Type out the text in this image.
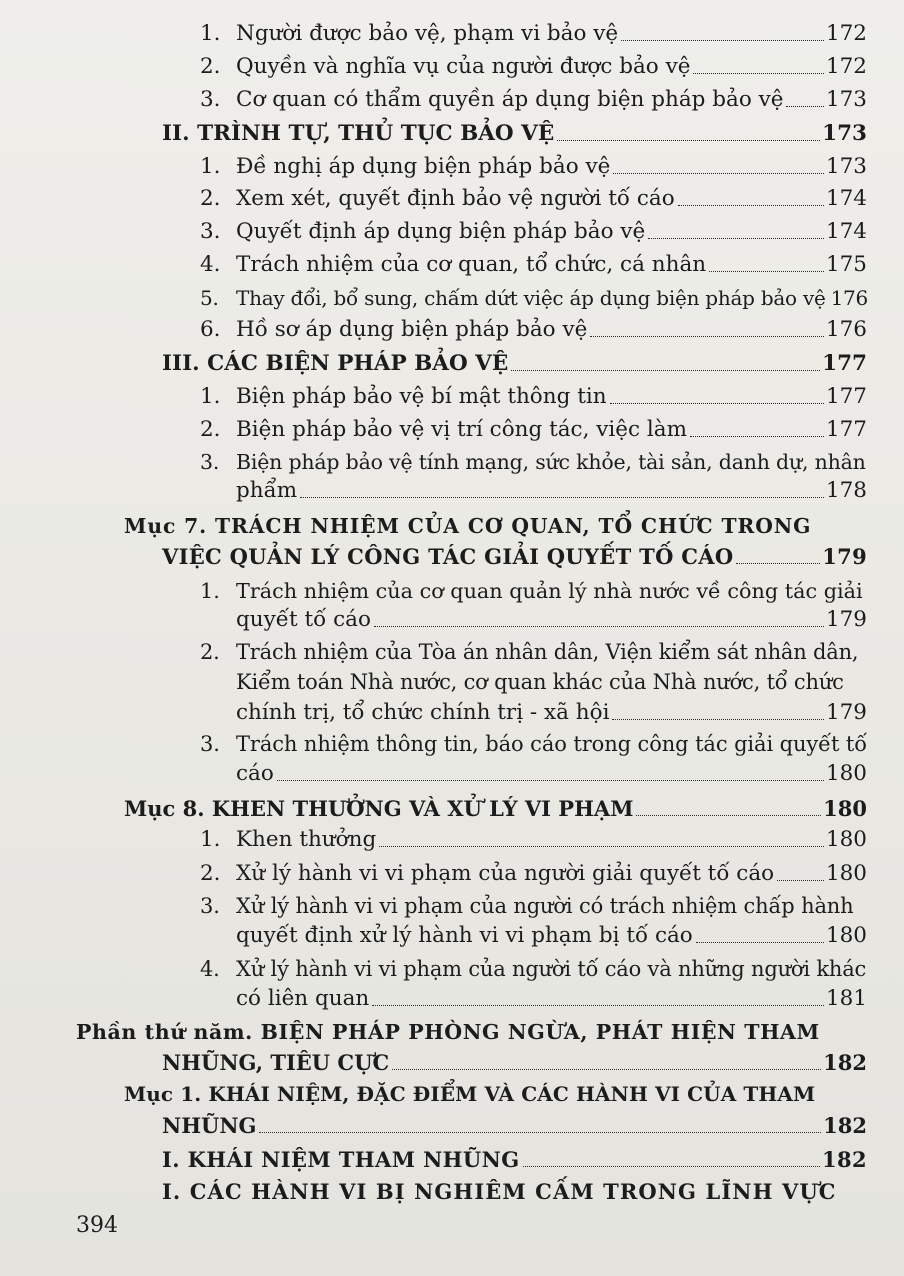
1. Người được bảo vệ, phạm vi bảo vệ	172
2. Quyền và nghĩa vụ của người được bảo vệ	172
3. Cơ quan có thẩm quyền áp dụng biện pháp bảo vệ 173
II. TRÌNH TỰ, THỦ TỤC BẢO VỆ	173
1. Đề nghị áp dụng biện pháp bảo vệ	173
2. Xem xét, quyết định bảo vệ người tố cáo	174
3. Quyết định áp dụng biện pháp bảo vệ	174
4. Trách nhiệm của cơ quan, tổ chức, cá nhân	175
5. Thay đổi, bổ sung, chấm dứt việc áp dụng biện pháp bảo vệ 176
6. Hồ sơ áp dụng biện pháp bảo vệ	176
III. CÁC BIỆN PHÁP BẢO VỆ	177
1. Biện pháp bảo vệ bí mật thông tin	177
2. Biện pháp bảo vệ vị trí công tác, việc làm	177
3. Biện pháp bảo vệ tính mạng, sức khỏe, tài sản, danh dự, nhân
phẩm	178
Mục 7. TRÁCH NHIỆM CỦA CƠ QUAN, TỔ CHỨC TRONG
VIỆC QUẢN LÝ CÔNG TÁC GIẢI QUYẾT TỐ CÁO	179
1. Trách nhiệm của cơ quan quản lý nhà nước về công tác giải
quyết tố cáo	179
2. Trách nhiệm của Tòa án nhân dân, Viện kiểm sát nhân dân,
Kiểm toán Nhà nước, cơ quan khác của Nhà nước, tổ chức
chính trị, tổ chức chính trị - xã hội	179
3. Trách nhiệm thông tin, báo cáo trong công tác giải quyết tố
cáo	180
Mục 8. KHEN THƯỞNG VÀ XỬ LÝ VI PHẠM	180
1. Khen thưởng	180
2. Xử lý hành vi vi phạm của người giải quyết tố cáo 180
3. Xử lý hành vi vi phạm của người có trách nhiệm chấp hành
quyết định xử lý hành vi vi phạm bị tố cáo	180
4. Xử lý hành vi vi phạm của người tố cáo và những người khác
có liên quan	181
Phần thứ năm. BIỆN PHÁP PHÒNG NGỪA, PHÁT HIỆN THAM
NHŨNG, TIÊU CỰC	182
Mục 1. KHÁI NIỆM, ĐẶC ĐIỂM VÀ CÁC HÀNH VI CỦA THAM
NHŨNG	182
I. KHÁI NIỆM THAM NHŨNG	182
I. CÁC HÀNH VI BỊ NGHIÊM CẤM TRONG LĨNH VỰC
394
